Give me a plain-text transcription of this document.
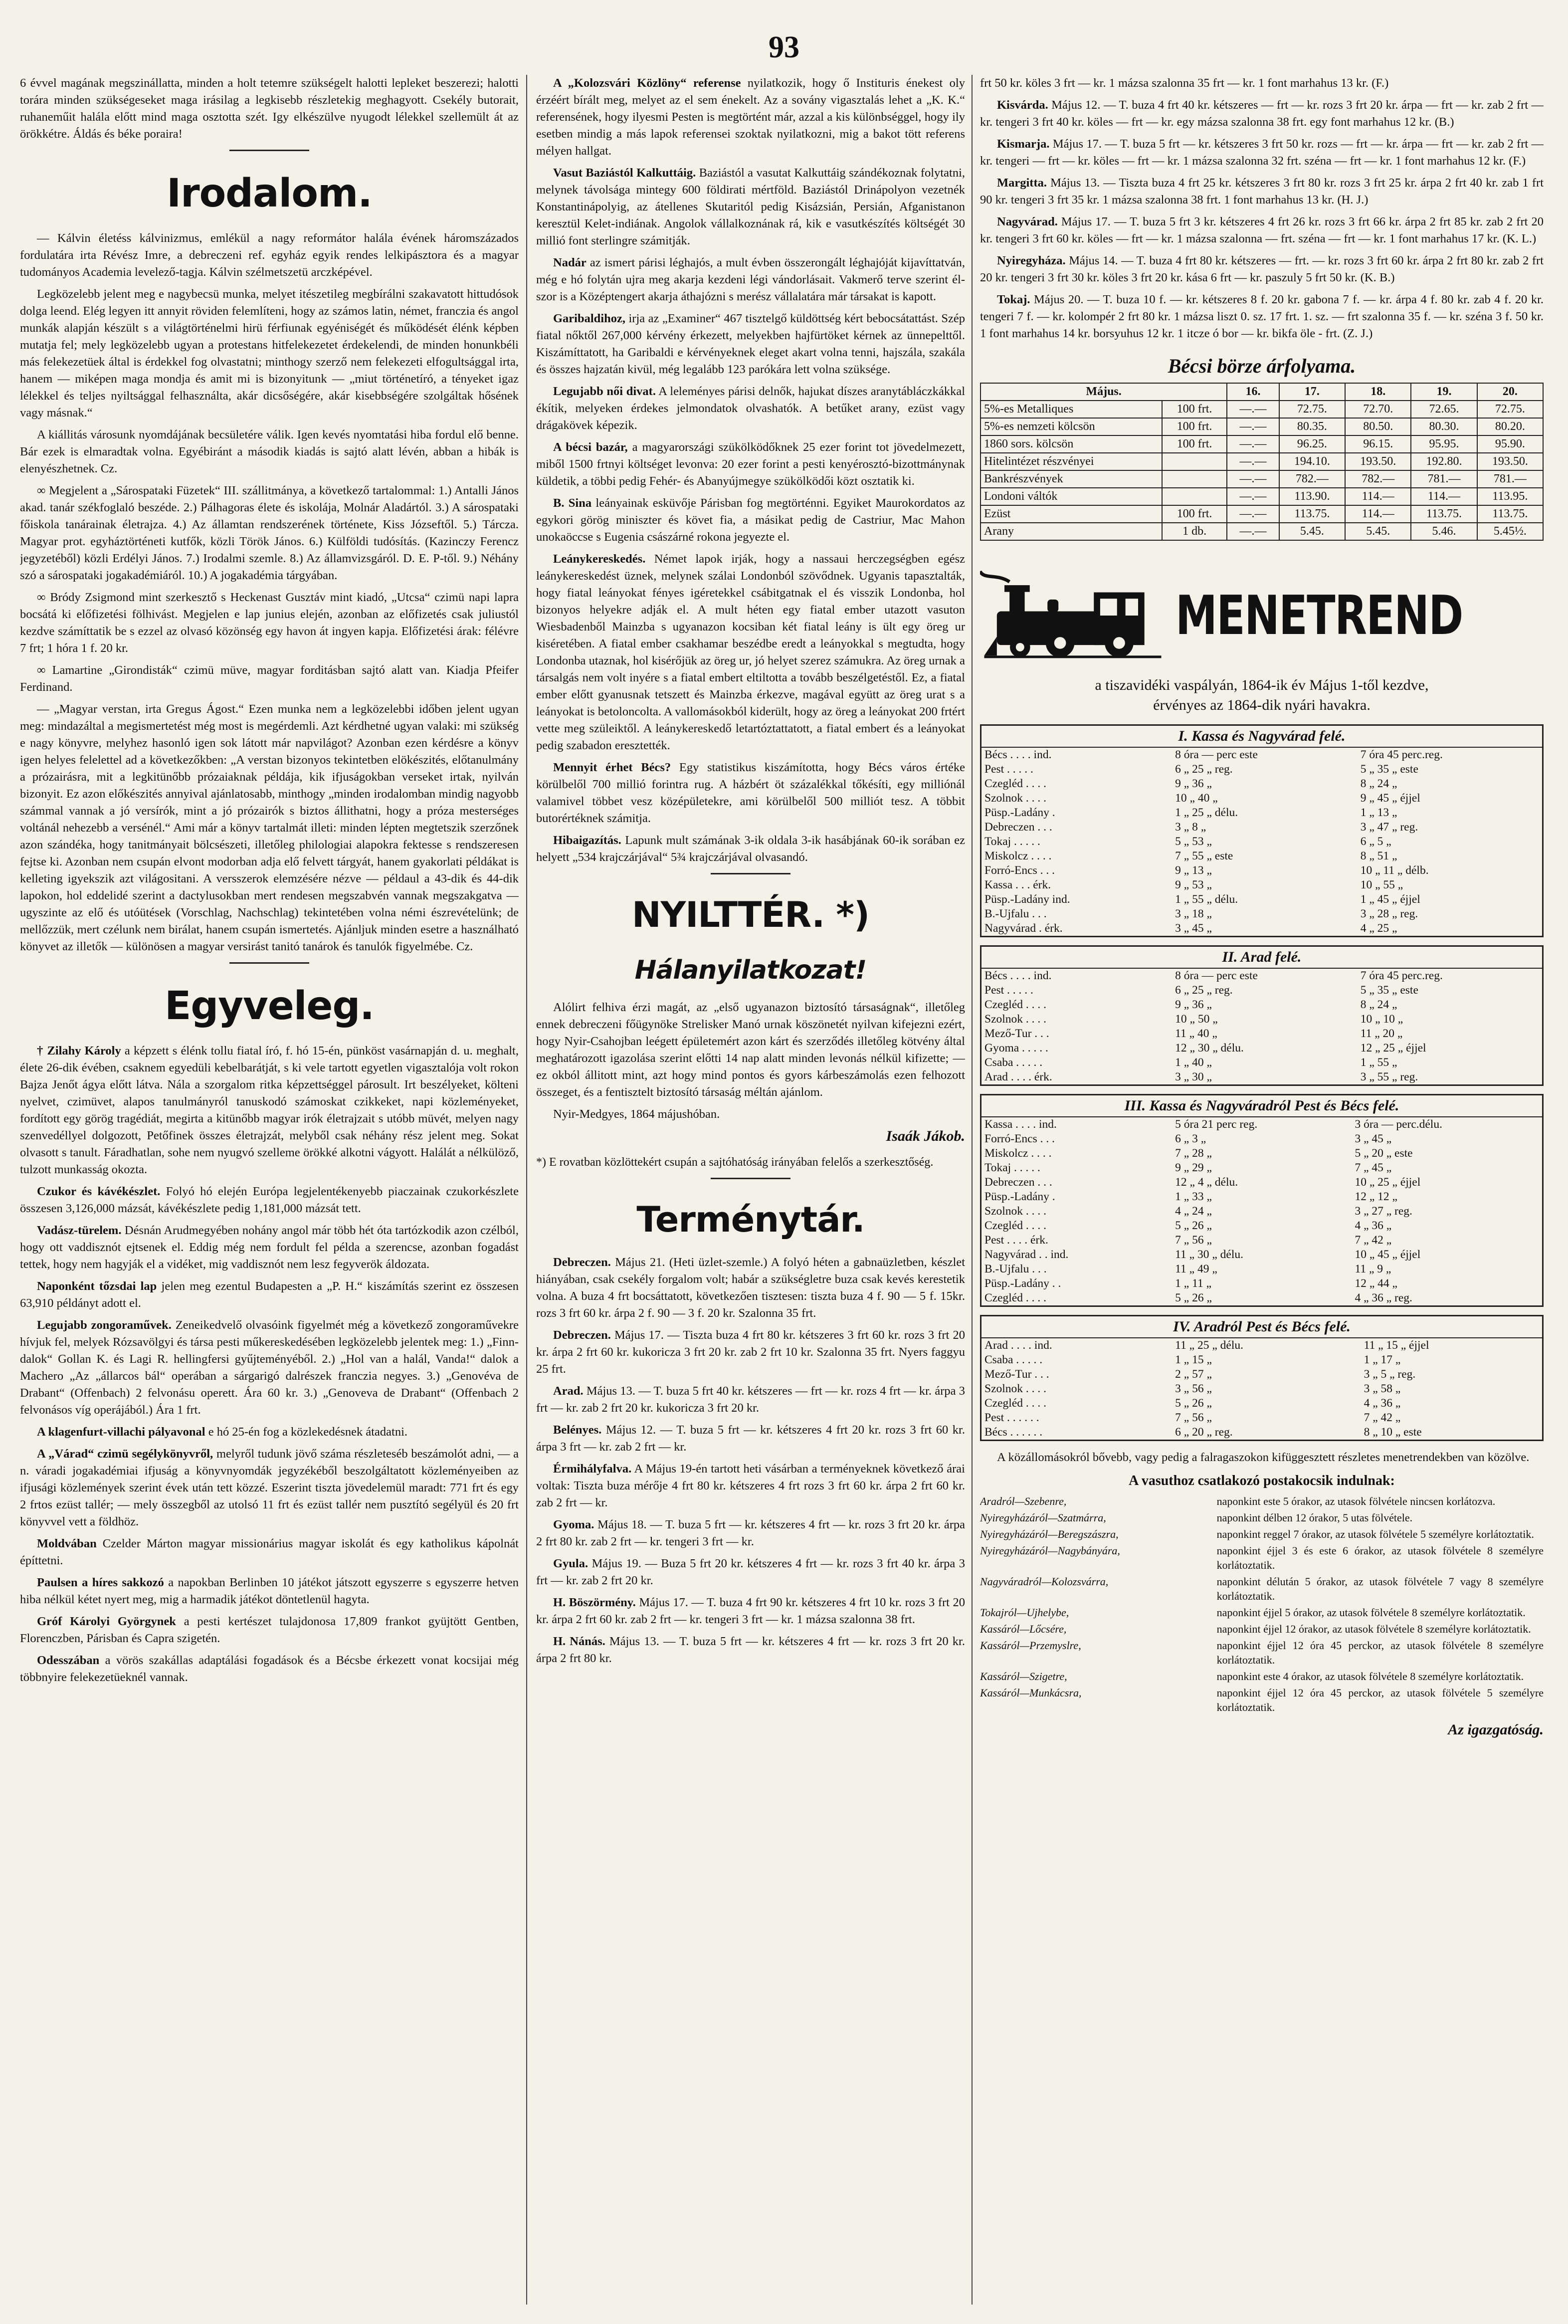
93

6 évvel magának megszinállatta, minden a holt tetemre szükségelt halotti lepleket beszerezi; halotti torára minden szükségeseket maga irásilag a legkisebb részletekig meghagyott. Csekély butorait, ruhaneműit halála előtt mind maga osztotta szét. Igy elkészülve nyugodt lélekkel szellemült át az örökkétre. Áldás és béke poraira!

Irodalom.

— Kálvin életéss kálvinizmus, emlékül a nagy reformátor halála évének háromszázados fordulatára irta Révész Imre, a debreczeni ref. egyház egyik rendes lelkipásztora és a magyar tudományos Academia levelező-tagja. Kálvin szélmetszetü arczképével.

Legközelebb jelent meg e nagybecsü munka, melyet itészetileg megbírálni szakavatott hittudósok dolga leend. Elég legyen itt annyit röviden felemlíteni, hogy az számos latin, német, franczia és angol munkák alapján készült s a világtörténelmi hirü férfiunak egyéniségét és működését élénk képben mutatja fel; mely legközelebb ugyan a protestans hitfelekezetet érdekelendi, de minden honunkbéli más felekezetüek által is érdekkel fog olvastatni; minthogy szerző nem felekezeti elfogultsággal irta, hanem — miképen maga mondja és amit mi is bizonyitunk — „miut történetíró, a tényeket igaz lélekkel és teljes nyiltsággal felhasználta, akár dicsőségére, akár kisebbségére szolgáltak hősének vagy másnak.“

A kiállitás városunk nyomdájának becsületére válik. Igen kevés nyomtatási hiba fordul elő benne. Bár ezek is elmaradtak volna. Egyébiránt a második kiadás is sajtó alatt lévén, abban a hibák is elenyészhetnek. Cz.

∞ Megjelent a „Sárospataki Füzetek“ III. szállitmánya, a következő tartalommal: 1.) Antalli János akad. tanár székfoglaló beszéde. 2.) Pálhagoras élete és iskolája, Molnár Aladártól. 3.) A sárospataki főiskola tanárainak életrajza. 4.) Az államtan rendszerének története, Kiss Józseftől. 5.) Tárcza. Magyar prot. egyháztörténeti kutfők, közli Török János. 6.) Külföldi tudósítás. (Kazinczy Ferencz jegyzetéből) közli Erdélyi János. 7.) Irodalmi szemle. 8.) Az államvizsgáról. D. E. P-től. 9.) Néhány szó a sárospataki jogakadémiáról. 10.) A jogakadémia tárgyában.

∞ Bródy Zsigmond mint szerkesztő s Heckenast Gusztáv mint kiadó, „Utcsa“ czimü napi lapra bocsátá ki előfizetési fölhivást. Megjelen e lap junius elején, azonban az előfizetés csak juliustól kezdve számíttatik be s ezzel az olvasó közönség egy havon át ingyen kapja. Előfizetési árak: félévre 7 frt; 1 hóra 1 f. 20 kr.

∞ Lamartine „Girondisták“ czimü müve, magyar forditásban sajtó alatt van. Kiadja Pfeifer Ferdinand.

— „Magyar verstan, irta Gregus Ágost.“ Ezen munka nem a legközelebbi időben jelent ugyan meg: mindazáltal a megismertetést még most is megérdemli. Azt kérdhetné ugyan valaki: mi szükség e nagy könyvre, melyhez hasonló igen sok látott már napvilágot? Azonban ezen kérdésre a könyv igen helyes felelettel ad a következőkben: „A verstan bizonyos tekintetben elökészités, előtanulmány a prózairásra, mit a legkitünőbb prózaiaknak példája, kik ifjuságokban verseket irtak, nyilván bizonyit. Ez azon előkészités annyival ajánlatosabb, minthogy „minden irodalomban mindig nagyobb számmal vannak a jó versírók, mint a jó prózairók s biztos állithatni, hogy a próza mesterséges voltánál nehezebb a versénél.“ Ami már a könyv tartalmát illeti: minden lépten megtetszik szerzőnek azon szándéka, hogy tanitmányait bölcsészeti, illetőleg philologiai alapokra fektesse s rendszeresen fejtse ki. Azonban nem csupán elvont modorban adja elő felvett tárgyát, hanem gyakorlati példákat is kelleting igyekszik azt világositani. A versszerok elemzésére nézve — példaul a 43-dik és 44-dik lapokon, hol eddelidé szerint a dactylusokban mert rendesen megszabvén vannak megszakgatva — ugyszinte az elő és utóütések (Vorschlag, Nachschlag) tekintetében volna némi észrevételünk; de mellőzzük, mert czélunk nem birálat, hanem csupán ismertetés. Ajánljuk minden esetre a használható könyvet az illetők — különösen a magyar versirást tanitó tanárok és tanulók figyelmébe. Cz.

Egyveleg.

† Zilahy Károly a képzett s élénk tollu fiatal író, f. hó 15-én, pünköst vasárnapján d. u. meghalt, élete 26-dik évében, csaknem egyedüli kebelbarátját, s ki vele tartott egyetlen vigasztalója volt rokon Bajza Jenőt ágya előtt látva. Nála a szorgalom ritka képzettséggel párosult. Irt beszélyeket, költeni nyelvet, czimüvet, alapos tanulmányról tanuskodó számoskat czikkeket, napi közleményeket, fordított egy görög tragédiát, megirta a kitünőbb magyar irók életrajzait s utóbb müvét, melyen nagy szenvedéllyel dolgozott, Petőfinek összes életrajzát, melyből csak néhány rész jelent meg. Sokat olvasott s tanult. Fáradhatlan, sohe nem nyugvó szelleme örökké alkotni vágyott. Halálát a nélkülöző, tulzott munkasság okozta.

Czukor és kávékészlet. Folyó hó elején Európa legjelentékenyebb piaczainak czukorkészlete összesen 3,126,000 mázsát, kávékészlete pedig 1,181,000 mázsát tett.

Vadász-türelem. Désnán Arudmegyében nohány angol már több hét óta tartózkodik azon czélból, hogy ott vaddisznót ejtsenek el. Eddig még nem fordult fel példa a szerencse, azonban fogadást tettek, hogy nem hagyják el a vidéket, mig vaddisznót nem lesz fegyverök áldozata.

Naponként tőzsdai lap jelen meg ezentul Budapesten a „P. H.“ kiszámítás szerint ez összesen 63,910 példányt adott el.

Legujabb zongoraművek. Zeneikedvelő olvasóink figyelmét még a következő zongoraművekre hívjuk fel, melyek Rózsavölgyi és társa pesti műkereskedésében legközelebb jelentek meg: 1.) „Finn-dalok“ Gollan K. és Lagi R. hellingfersi gyűjteményéből. 2.) „Hol van a halál, Vanda!“ dalok a Machero „Az „állarcos bál“ operában a sárgarigó dalrészek franczia negyes. 3.) „Genovéva de Drabant“ (Offenbach) 2 felvonásu operett. Ára 60 kr. 3.) „Genoveva de Drabant“ (Offenbach 2 felvonásos víg operájából.) Ára 1 frt.

A klagenfurt-villachi pályavonal e hó 25-én fog a közlekedésnek átadatni.

A „Várad“ czimü segélykönyvről, melyről tudunk jövő száma részleteséb beszámolót adni, — a n. váradi jogakadémiai ifjuság a könyvnyomdák jegyzékéből beszolgáltatott közleményeiben az ifjusági közlemények szerint évek után tett közzé. Eszerint tiszta jövedelemül maradt: 771 frt és egy 2 frtos ezüst tallér; — mely összegből az utolsó 11 frt és ezüst tallér nem pusztító segélyül és 20 frt könyvvel vett a földhöz.

Moldvában Czelder Márton magyar missionárius magyar iskolát és egy katholikus kápolnát építtetni.

Paulsen a híres sakkozó a napokban Berlinben 10 játékot játszott egyszerre s egyszerre hetven hiba nélkül kétet nyert meg, mig a harmadik játékot döntetlenül hagyta.

Gróf Károlyi Györgynek a pesti kertészet tulajdonosa 17,809 frankot gyüjtött Gentben, Florenczben, Párisban és Capra szigetén.

Odesszában a vörös szakállas adaptálási fogadások és a Bécsbe érkezett vonat kocsijai még többnyire felekezetüeknél vannak.

A „Kolozsvári Közlöny“ referense nyilatkozik, hogy ő Instituris énekest oly érzéért bírált meg, melyet az el sem énekelt. Az a sovány vigasztalás lehet a „K. K.“ referensének, hogy ilyesmi Pesten is megtörtént már, azzal a kis különbséggel, hogy ily esetben mindig a más lapok referensei szoktak nyilatkozni, mig a bakot tött referens mélyen hallgat.

Vasut Baziástól Kalkuttáig. Baziástól a vasutat Kalkuttáig szándékoznak folytatni, melynek távolsága mintegy 600 földirati mértföld. Baziástól Drinápolyon vezetnék Konstantinápolyig, az átellenes Skutaritól pedig Kisázsián, Persián, Afganistanon keresztül Kelet-indiának. Angolok vállalkoznának rá, kik e vasutkészítés költségét 30 millió font sterlingre számitják.

Nadár az ismert párisi léghajós, a mult évben összerongált léghajóját kijavíttatván, még e hó folytán ujra meg akarja kezdeni légi vándorlásait. Vakmerő terve szerint él-szor is a Középtengert akarja áthajózni s merész vállalatára már társakat is kapott.

Garibaldihoz, irja az „Examiner“ 467 tisztelgő küldöttség kért bebocsátattást. Szép fiatal nőktől 267,000 kérvény érkezett, melyekben hajfürtöket kérnek az ünnepelttől. Kiszámíttatott, ha Garibaldi e kérvényeknek eleget akart volna tenni, hajszála, szakála és összes hajzatán kivül, még legalább 123 parókára lett volna szüksége.

Legujabb női divat. A leleményes párisi delnők, hajukat díszes aranytábláczkákkal ékítik, melyeken érdekes jelmondatok olvashatók. A betűket arany, ezüst vagy drágakövek képezik.

A bécsi bazár, a magyarországi szükölködőknek 25 ezer forint tot jövedelmezett, miből 1500 frtnyi költséget levonva: 20 ezer forint a pesti kenyérosztó-bizottmánynak küldetik, a többi pedig Fehér- és Abanyújmegye szükölködői közt osztatik ki.

B. Sina leányainak esküvője Párisban fog megtörténni. Egyiket Maurokordatos az egykori görög miniszter és követ fia, a másikat pedig de Castriur, Mac Mahon unokaöccse s Eugenia császárné rokona jegyezte el.

Leánykereskedés. Német lapok irják, hogy a nassaui herczegségben egész leánykereskedést üznek, melynek szálai Londonból szövődnek. Ugyanis tapasztalták, hogy fiatal leányokat fényes igéretekkel csábitgatnak el és visszik Londonba, hol bizonyos helyekre adják el. A mult héten egy fiatal ember utazott vasuton Wiesbadenből Mainzba s ugyanazon kocsiban két fiatal leány is ült egy öreg ur kiséretében. A fiatal ember csakhamar beszédbe eredt a leányokkal s megtudta, hogy Londonba utaznak, hol kisérőjük az öreg ur, jó helyet szerez számukra. Az öreg urnak a társalgás nem volt inyére s a fiatal embert eltiltotta a tovább beszélgetéstől. Ez, a fiatal ember előtt gyanusnak tetszett és Mainzba érkezve, magával együtt az öreg urat s a leányokat is betoloncolta. A vallomásokból kiderült, hogy az öreg a leányokat 200 frtért vette meg szüleiktől. A leánykereskedő letartóztattatott, a fiatal embert és a leányokat pedig szabadon eresztették.

Mennyit érhet Bécs? Egy statistikus kiszámította, hogy Bécs város értéke körülbelől 700 millió forintra rug. A házbért öt százalékkal tőkésíti, egy milliónál valamivel többet vesz középületekre, ami körülbelől 500 milliót tesz. A többit butorértéknek számitja.

Hibaigazítás. Lapunk mult számának 3-ik oldala 3-ik hasábjának 60-ik sorában ez helyett „534 krajczárjával“ 5¾ krajczárjával olvasandó.

NYILTTÉR. *)
Hálanyilatkozat!

Alólirt felhiva érzi magát, az „első ugyanazon biztosító társaságnak“, illetőleg ennek debreczeni főügynöke Strelisker Manó urnak köszönetét nyilvan kifejezni ezért, hogy Nyir-Csahojban leégett épületemért azon kárt és szerződés illetőleg kötvény által meghatározott igazolása szerint előtti 14 nap alatt minden levonás nélkül kifizette; — ez okból állitott mint, azt hogy mind pontos és gyors kárbeszámolás ezen felhozott összeget, és a fentisztelt biztosító társaság méltán ajánlom.

Nyir-Medgyes, 1864 májushóban.

Isaák Jákob.
*) E rovatban közlöttekért csupán a sajtóhatóság irányában felelős a szerkesztőség.
Terménytár.

Debreczen. Május 21. (Heti üzlet-szemle.) A folyó héten a gabnaüzletben, készlet hiányában, csak csekély forgalom volt; habár a szükségletre buza csak kevés kerestetik volna. A buza 4 frt bocsáttatott, következően tisztesen: tiszta buza 4 f. 90 — 5 f. 15kr. rozs 3 frt 60 kr. árpa 2 f. 90 — 3 f. 20 kr. Szalonna 35 frt.

Debreczen. Május 17. — Tiszta buza 4 frt 80 kr. kétszeres 3 frt 60 kr. rozs 3 frt 20 kr. árpa 2 frt 60 kr. kukoricza 3 frt 20 kr. zab 2 frt 10 kr. Szalonna 35 frt. Nyers faggyu 25 frt.

Arad. Május 13. — T. buza 5 frt 40 kr. kétszeres — frt — kr. rozs 4 frt — kr. árpa 3 frt — kr. zab 2 frt 20 kr. kukoricza 3 frt 20 kr.

Belényes. Május 12. — T. buza 5 frt — kr. kétszeres 4 frt 20 kr. rozs 3 frt 60 kr. árpa 3 frt — kr. zab 2 frt — kr.

Érmihályfalva. A Május 19-én tartott heti vásárban a terményeknek következő árai voltak: Tiszta buza mérője 4 frt 80 kr. kétszeres 4 frt rozs 3 frt 60 kr. árpa 2 frt 60 kr. zab 2 frt — kr.

Gyoma. Május 18. — T. buza 5 frt — kr. kétszeres 4 frt — kr. rozs 3 frt 20 kr. árpa 2 frt 80 kr. zab 2 frt — kr. tengeri 3 frt — kr.

Gyula. Május 19. — Buza 5 frt 20 kr. kétszeres 4 frt — kr. rozs 3 frt 40 kr. árpa 3 frt — kr. zab 2 frt 20 kr.

H. Böszörmény. Május 17. — T. buza 4 frt 90 kr. kétszeres 4 frt 10 kr. rozs 3 frt 20 kr. árpa 2 frt 60 kr. zab 2 frt — kr. tengeri 3 frt — kr. 1 mázsa szalonna 38 frt.

H. Nánás. Május 13. — T. buza 5 frt — kr. kétszeres 4 frt — kr. rozs 3 frt 20 kr. árpa 2 frt 80 kr.

frt 50 kr. köles 3 frt — kr. 1 mázsa szalonna 35 frt — kr. 1 font marhahus 13 kr. (F.)

Kisvárda. Május 12. — T. buza 4 frt 40 kr. kétszeres — frt — kr. rozs 3 frt 20 kr. árpa — frt — kr. zab 2 frt — kr. tengeri 3 frt 40 kr. köles — frt — kr. egy mázsa szalonna 38 frt. egy font marhahus 12 kr. (B.)

Kismarja. Május 17. — T. buza 5 frt — kr. kétszeres 3 frt 50 kr. rozs — frt — kr. árpa — frt — kr. zab 2 frt — kr. tengeri — frt — kr. köles — frt — kr. 1 mázsa szalonna 32 frt. széna — frt — kr. 1 font marhahus 12 kr. (F.)

Margitta. Május 13. — Tiszta buza 4 frt 25 kr. kétszeres 3 frt 80 kr. rozs 3 frt 25 kr. árpa 2 frt 40 kr. zab 1 frt 90 kr. tengeri 3 frt 35 kr. 1 mázsa szalonna 38 frt. 1 font marhahus 13 kr. (H. J.)

Nagyvárad. Május 17. — T. buza 5 frt 3 kr. kétszeres 4 frt 26 kr. rozs 3 frt 66 kr. árpa 2 frt 85 kr. zab 2 frt 20 kr. tengeri 3 frt 60 kr. köles — frt — kr. 1 mázsa szalonna — frt. széna — frt — kr. 1 font marhahus 17 kr. (K. L.)

Nyiregyháza. Május 14. — T. buza 4 frt 80 kr. kétszeres — frt. — kr. rozs 3 frt 60 kr. árpa 2 frt 80 kr. zab 2 frt 20 kr. tengeri 3 frt 30 kr. köles 3 frt 20 kr. kása 6 frt — kr. paszuly 5 frt 50 kr. (K. B.)

Tokaj. Május 20. — T. buza 10 f. — kr. kétszeres 8 f. 20 kr. gabona 7 f. — kr. árpa 4 f. 80 kr. zab 4 f. 20 kr. tengeri 7 f. — kr. kolompér 2 frt 80 kr. 1 mázsa liszt 0. sz. 17 frt. 1. sz. — frt szalonna 35 f. — kr. széna 3 f. 50 kr. 1 font marhahus 14 kr. borsyuhus 12 kr. 1 itcze ó bor — kr. bikfa öle - frt. (Z. J.)

Bécsi börze árfolyama.
Május.		16.	17.	18.	19.	20.
5%-es Metalliques	100 frt.	—.—	72.75.	72.70.	72.65.	72.75.
5%-es nemzeti kölcsön	100 frt.	—.—	80.35.	80.50.	80.30.	80.20.
1860 sors. kölcsön	100 frt.	—.—	96.25.	96.15.	95.95.	95.90.
Hitelintézet részvényei		—.—	194.10.	193.50.	192.80.	193.50.
Bankrészvények		—.—	782.—	782.—	781.—	781.—
Londoni váltók		—.—	113.90.	114.—	114.—	113.95.
Ezüst	100 frt.	—.—	113.75.	114.—	113.75.	113.75.
Arany	1 db.	—.—	5.45.	5.45.	5.46.	5.45½.
MENETREND
a tiszavidéki vaspályán, 1864-ik év Május 1-től kezdve,
érvényes az 1864-dik nyári havakra.
I. Kassa és Nagyvárad felé.
Bécs . . . . ind.	8 óra — perc este	7 óra 45 perc.reg.
Pest . . . . .	6 „ 25 „ reg.	5 „ 35 „ este
Czegléd . . . .	9 „ 36 „	8 „ 24 „
Szolnok . . . .	10 „ 40 „	9 „ 45 „ éjjel
Püsp.-Ladány .	1 „ 25 „ délu.	1 „ 13 „
Debreczen . . .	3 „ 8 „	3 „ 47 „ reg.
Tokaj . . . . .	5 „ 53 „	6 „ 5 „
Miskolcz . . . .	7 „ 55 „ este	8 „ 51 „
Forró-Encs . . .	9 „ 13 „	10 „ 11 „ délb.
Kassa . . . érk.	9 „ 53 „	10 „ 55 „
Püsp.-Ladány ind.	1 „ 55 „ délu.	1 „ 45 „ éjjel
B.-Ujfalu . . .	3 „ 18 „	3 „ 28 „ reg.
Nagyvárad . érk.	3 „ 45 „	4 „ 25 „
II. Arad felé.
Bécs . . . . ind.	8 óra — perc este	7 óra 45 perc.reg.
Pest . . . . .	6 „ 25 „ reg.	5 „ 35 „ este
Czegléd . . . .	9 „ 36 „	8 „ 24 „
Szolnok . . . .	10 „ 50 „	10 „ 10 „
Mező-Tur . . .	11 „ 40 „	11 „ 20 „
Gyoma . . . . .	12 „ 30 „ délu.	12 „ 25 „ éjjel
Csaba . . . . .	1 „ 40 „	1 „ 55 „
Arad . . . . érk.	3 „ 30 „	3 „ 55 „ reg.
III. Kassa és Nagyváradról Pest és Bécs felé.
Kassa . . . . ind.	5 óra 21 perc reg.	3 óra — perc.délu.
Forró-Encs . . .	6 „ 3 „	3 „ 45 „
Miskolcz . . . .	7 „ 28 „	5 „ 20 „ este
Tokaj . . . . .	9 „ 29 „	7 „ 45 „
Debreczen . . .	12 „ 4 „ délu.	10 „ 25 „ éjjel
Püsp.-Ladány .	1 „ 33 „	12 „ 12 „
Szolnok . . . .	4 „ 24 „	3 „ 27 „ reg.
Czegléd . . . .	5 „ 26 „	4 „ 36 „
Pest . . . . érk.	7 „ 56 „	7 „ 42 „
Nagyvárad . . ind.	11 „ 30 „ délu.	10 „ 45 „ éjjel
B.-Ujfalu . . .	11 „ 49 „	11 „ 9 „
Püsp.-Ladány . .	1 „ 11 „	12 „ 44 „
Czegléd . . . .	5 „ 26 „	4 „ 36 „ reg.
IV. Aradról Pest és Bécs felé.
Arad . . . . ind.	11 „ 25 „ délu.	11 „ 15 „ éjjel
Csaba . . . . .	1 „ 15 „	1 „ 17 „
Mező-Tur . . .	2 „ 57 „	3 „ 5 „ reg.
Szolnok . . . .	3 „ 56 „	3 „ 58 „
Czegléd . . . .	5 „ 26 „	4 „ 36 „
Pest . . . . . .	7 „ 56 „	7 „ 42 „
Bécs . . . . . .	6 „ 20 „ reg.	8 „ 10 „ este

A közállomásokról bővebb, vagy pedig a falragaszokon kifüggesztett részletes menetrendekben van közölve.

A vasuthoz csatlakozó postakocsik indulnak:
Aradról—Szebenre,	naponkint este 5 órakor, az utasok fölvétele nincsen korlátozva.
Nyiregyházáról—Szatmárra,	naponkint délben 12 órakor, 5 utas fölvétele.
Nyiregyházáról—Beregszászra,	naponkint reggel 7 órakor, az utasok fölvétele 5 személyre korlátoztatik.
Nyiregyházáról—Nagybányára,	naponkint éjjel 3 és este 6 órakor, az utasok fölvétele 8 személyre korlátoztatik.
Nagyváradról—Kolozsvárra,	naponkint délután 5 órakor, az utasok fölvétele 7 vagy 8 személyre korlátoztatik.
Tokajról—Ujhelybe,	naponkint éjjel 5 órakor, az utasok fölvétele 8 személyre korlátoztatik.
Kassáról—Lőcsére,	naponkint éjjel 12 órakor, az utasok fölvétele 8 személyre korlátoztatik.
Kassáról—Przemyslre,	naponkint éjjel 12 óra 45 perckor, az utasok fölvétele 8 személyre korlátoztatik.
Kassáról—Szigetre,	naponkint este 4 órakor, az utasok fölvétele 8 személyre korlátoztatik.
Kassáról—Munkácsra,	naponkint éjjel 12 óra 45 perckor, az utasok fölvétele 5 személyre korlátoztatik.
Az igazgatóság.
